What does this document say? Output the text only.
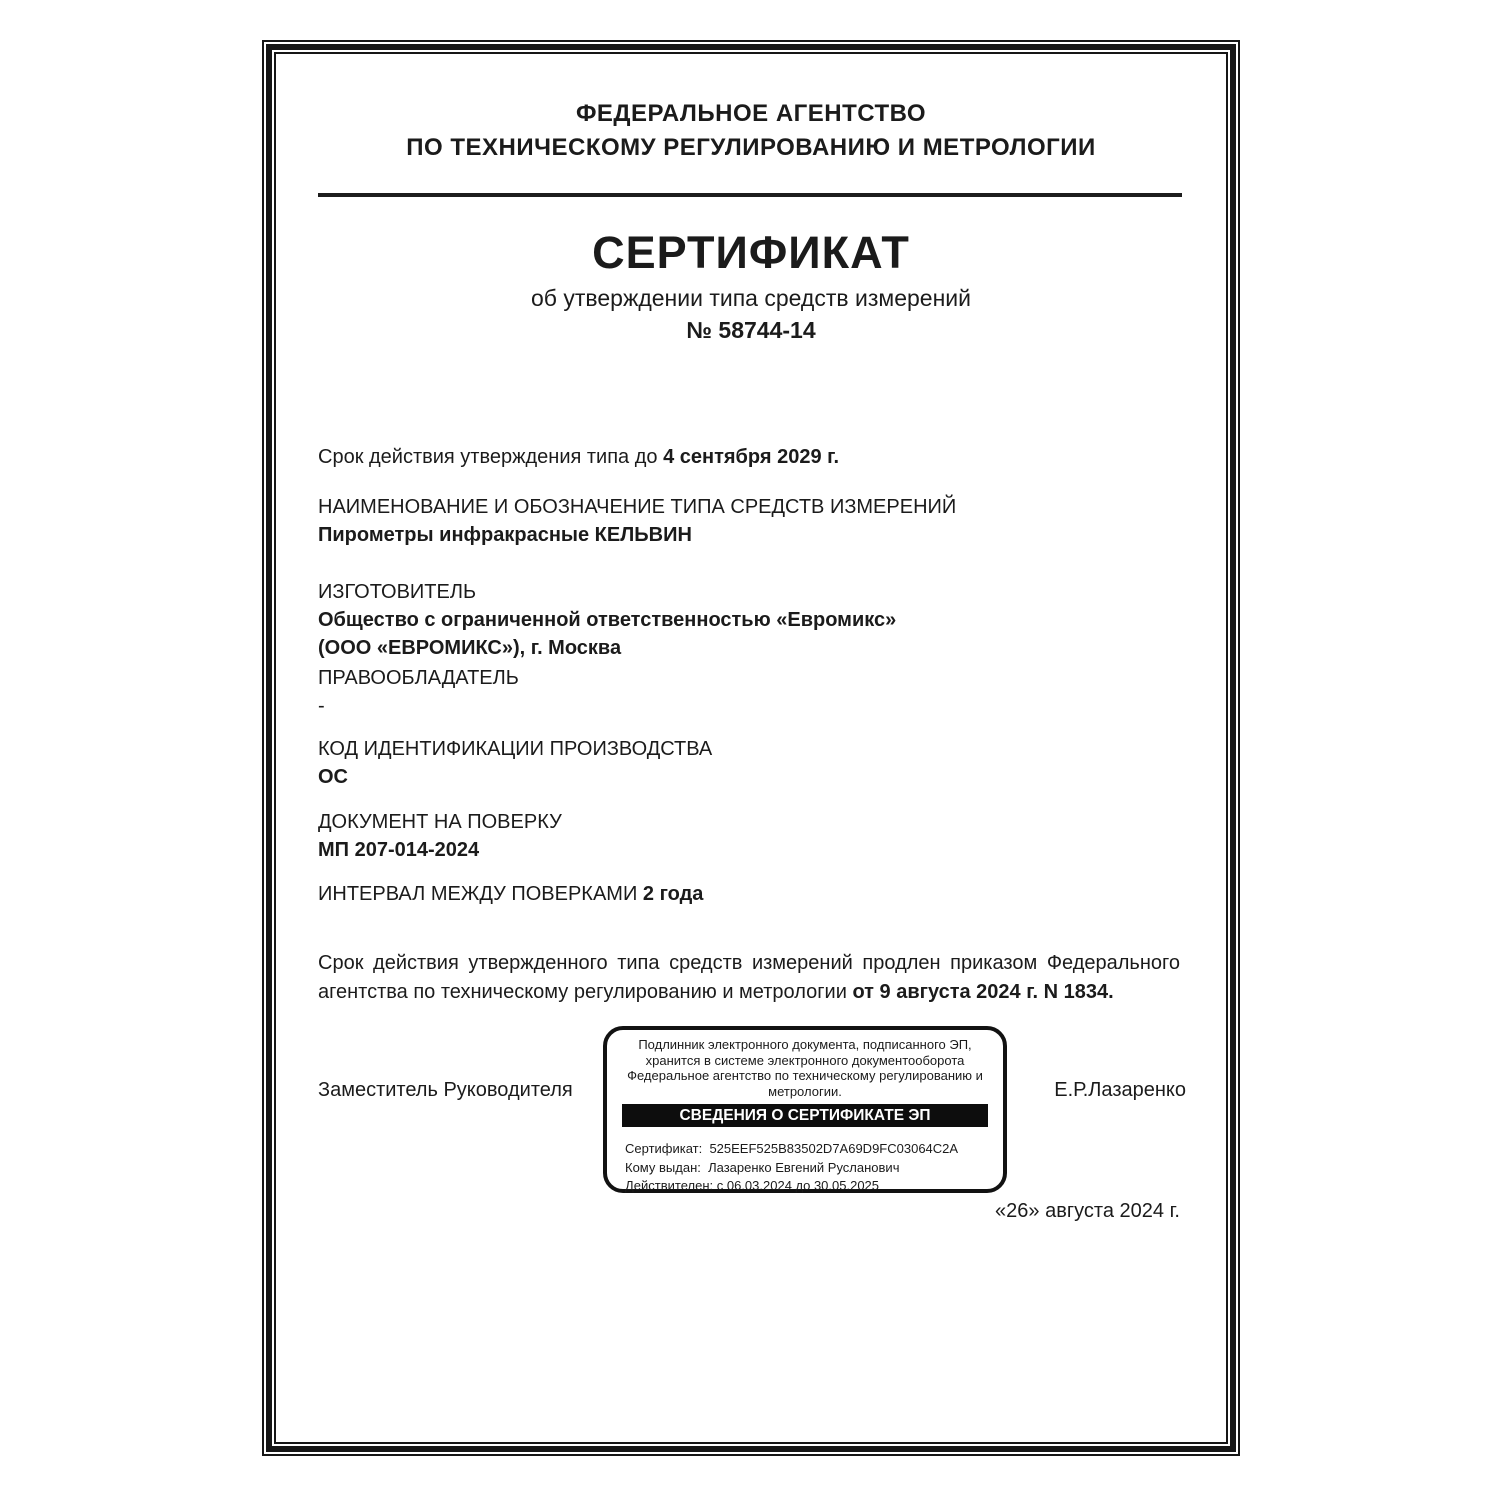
ФЕДЕРАЛЬНОЕ АГЕНТСТВО
ПО ТЕХНИЧЕСКОМУ РЕГУЛИРОВАНИЮ И МЕТРОЛОГИИ
СЕРТИФИКАТ
об утверждении типа средств измерений
№ 58744-14
Срок действия утверждения типа до 4 сентября 2029 г.
НАИМЕНОВАНИЕ И ОБОЗНАЧЕНИЕ ТИПА СРЕДСТВ ИЗМЕРЕНИЙ
Пирометры инфракрасные КЕЛЬВИН
ИЗГОТОВИТЕЛЬ
Общество с ограниченной ответственностью «Евромикс»
(ООО «ЕВРОМИКС»), г. Москва
ПРАВООБЛАДАТЕЛЬ
-
КОД ИДЕНТИФИКАЦИИ ПРОИЗВОДСТВА
ОС
ДОКУМЕНТ НА ПОВЕРКУ
МП 207-014-2024
ИНТЕРВАЛ МЕЖДУ ПОВЕРКАМИ 2 года
Срок действия утвержденного типа средств измерений продлен приказом Федерального агентства по техническому регулированию и метрологии от 9 августа 2024 г. N 1834.
Подлинник электронного документа, подписанного ЭП,
хранится в системе электронного документооборота
Федеральное агентство по техническому регулированию и
метрологии.
СВЕДЕНИЯ О СЕРТИФИКАТЕ ЭП
Сертификат:  525EEF525B83502D7A69D9FC03064C2A
Кому выдан:  Лазаренко Евгений Русланович
Действителен: с 06.03.2024 до 30.05.2025
Заместитель Руководителя	Е.Р.Лазаренко
«26» августа 2024 г.
